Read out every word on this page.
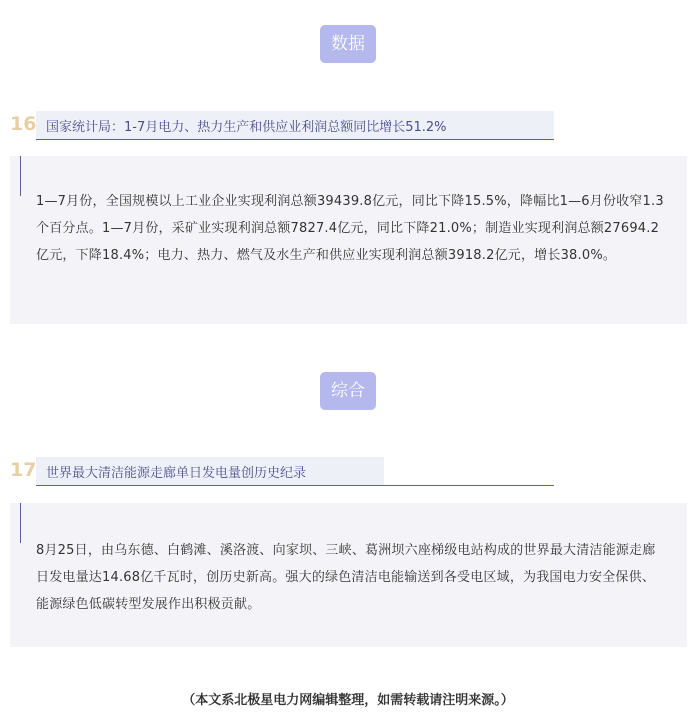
数据
16 国家统计局：1-7月电力、热力生产和供应业利润总额同比增长51.2%
1—7月份，全国规模以上工业企业实现利润总额39439.8亿元，同比下降15.5%，降幅比1—6月份收窄1.3个百分点。1—7月份，采矿业实现利润总额7827.4亿元，同比下降21.0%；制造业实现利润总额27694.2亿元，下降18.4%；电力、热力、燃气及水生产和供应业实现利润总额3918.2亿元，增长38.0%。
综合
17 世界最大清洁能源走廊单日发电量创历史纪录
8月25日，由乌东德、白鹤滩、溪洛渡、向家坝、三峡、葛洲坝六座梯级电站构成的世界最大清洁能源走廊日发电量达14.68亿千瓦时，创历史新高。强大的绿色清洁电能输送到各受电区域，为我国电力安全保供、能源绿色低碳转型发展作出积极贡献。
（本文系北极星电力网编辑整理，如需转载请注明来源。）
